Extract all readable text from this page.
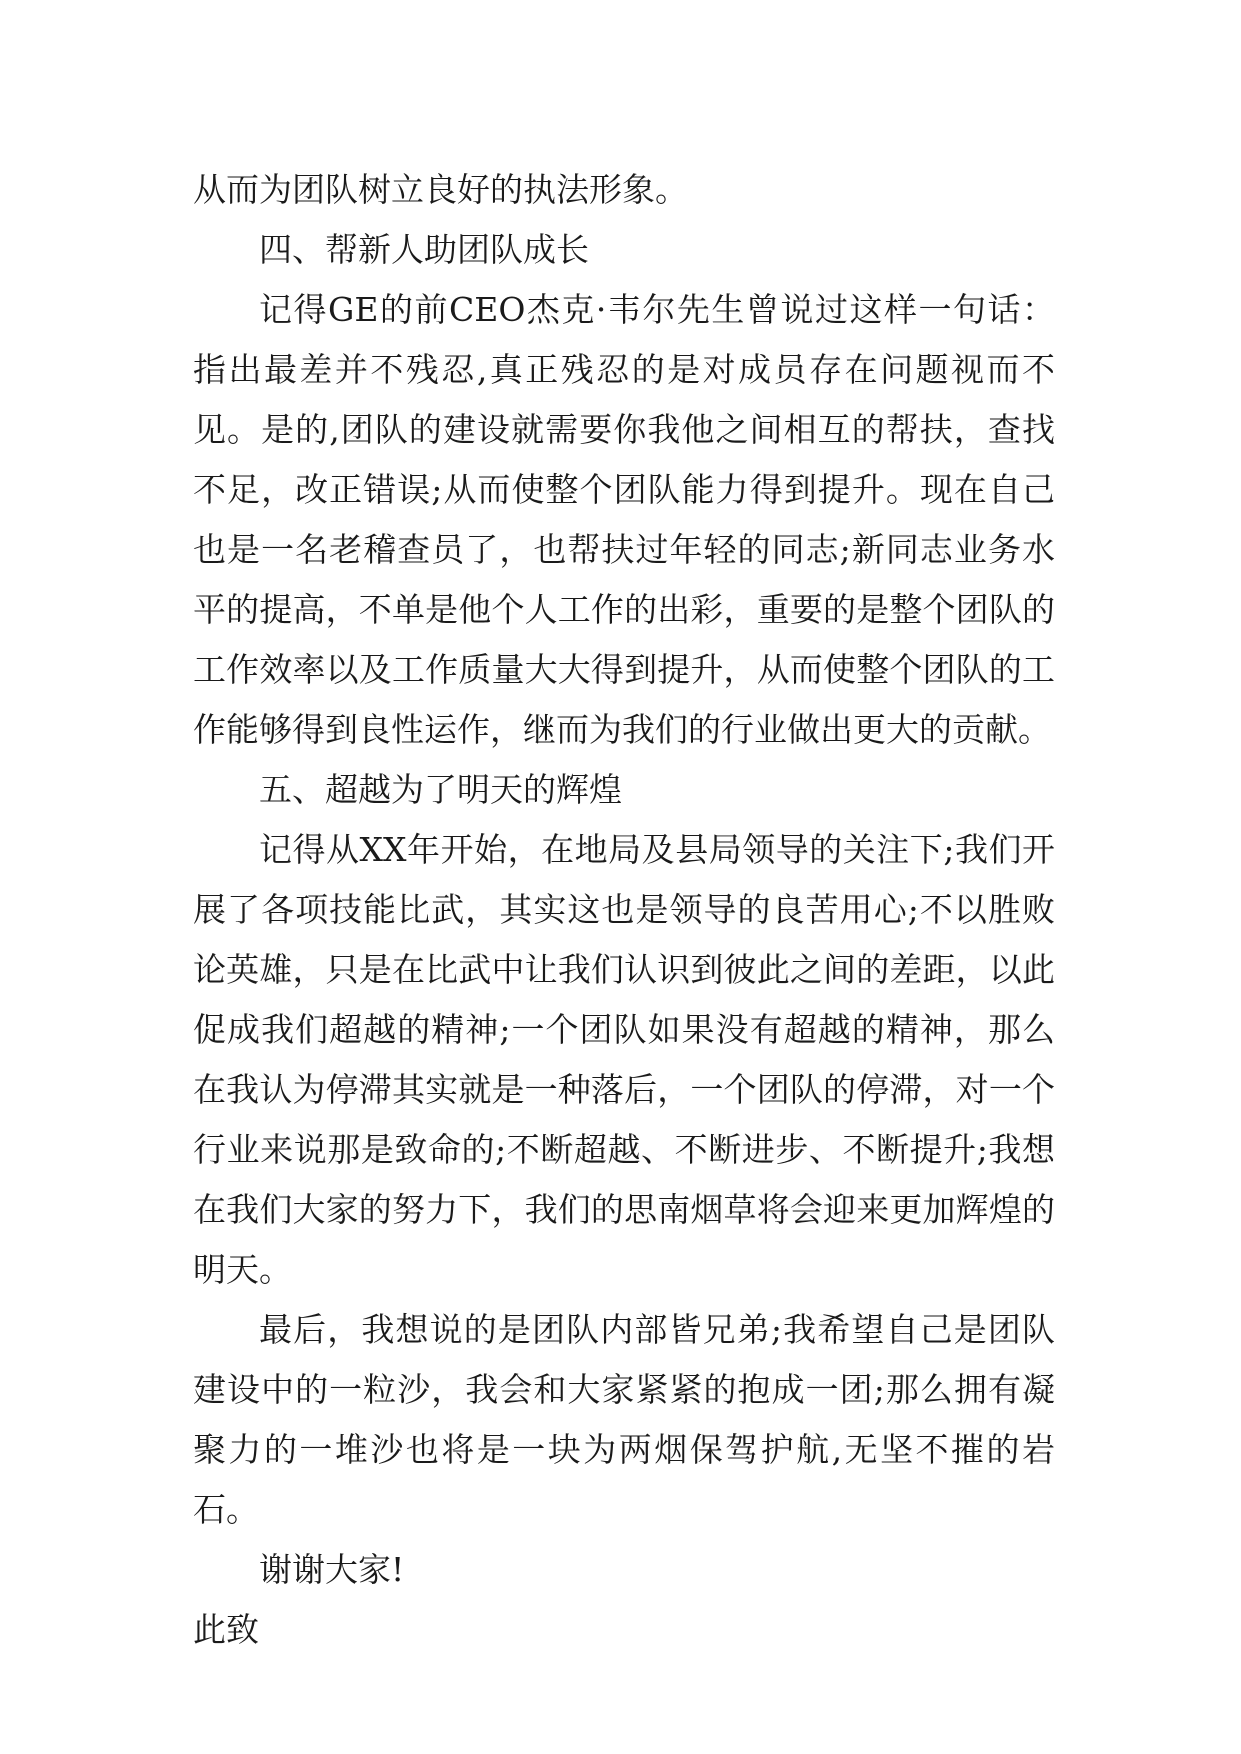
从而为团队树立良好的执法形象。

四、帮新人助团队成长

记得GE的前CEO杰克·韦尔先生曾说过这样一句话：指出最差并不残忍,真正残忍的是对成员存在问题视而不见。是的,团队的建设就需要你我他之间相互的帮扶，查找不足，改正错误;从而使整个团队能力得到提升。现在自己也是一名老稽查员了，也帮扶过年轻的同志;新同志业务水平的提高，不单是他个人工作的出彩，重要的是整个团队的工作效率以及工作质量大大得到提升，从而使整个团队的工作能够得到良性运作，继而为我们的行业做出更大的贡献。

五、超越为了明天的辉煌

记得从XX年开始，在地局及县局领导的关注下;我们开展了各项技能比武，其实这也是领导的良苦用心;不以胜败论英雄，只是在比武中让我们认识到彼此之间的差距，以此促成我们超越的精神;一个团队如果没有超越的精神，那么在我认为停滞其实就是一种落后，一个团队的停滞，对一个行业来说那是致命的;不断超越、不断进步、不断提升;我想在我们大家的努力下，我们的思南烟草将会迎来更加辉煌的明天。

最后，我想说的是团队内部皆兄弟;我希望自己是团队建设中的一粒沙，我会和大家紧紧的抱成一团;那么拥有凝聚力的一堆沙也将是一块为两烟保驾护航,无坚不摧的岩石。

谢谢大家!

此致
